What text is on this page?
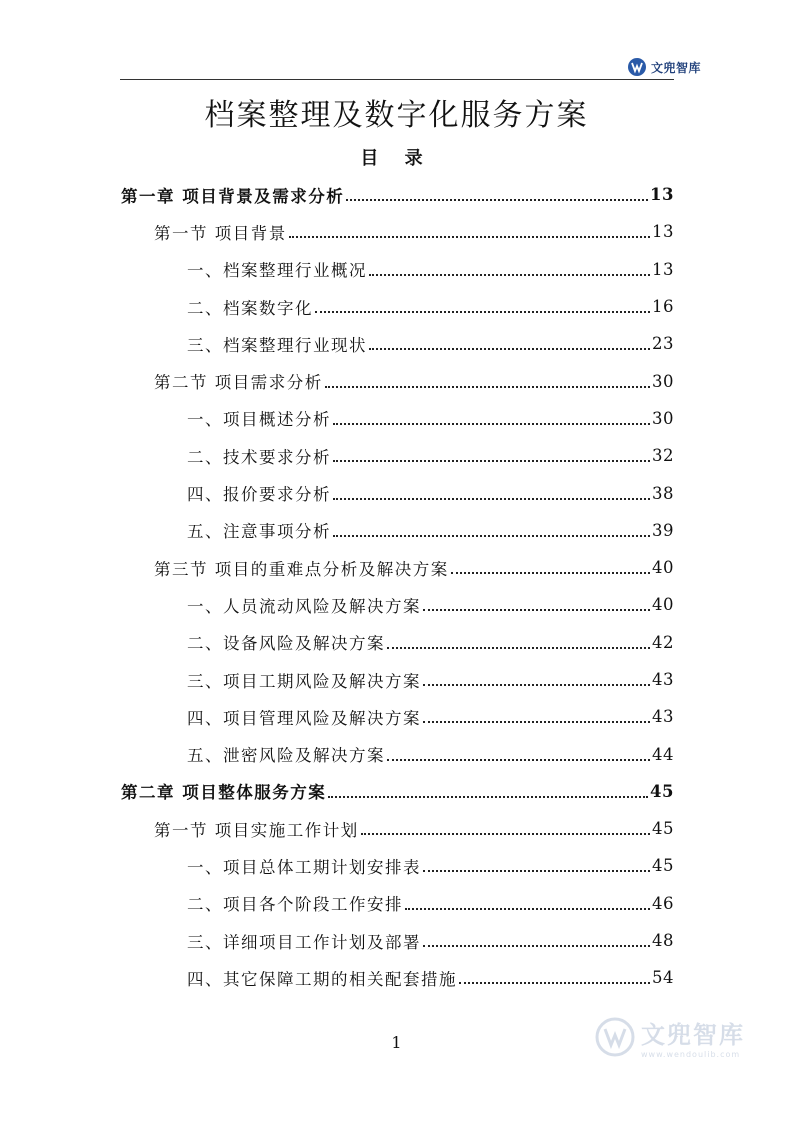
文兜智库
档案整理及数字化服务方案
目 录
第一章 项目背景及需求分析	13
第一节 项目背景	13
一、档案整理行业概况	13
二、档案数字化	16
三、档案整理行业现状	23
第二节 项目需求分析	30
一、项目概述分析	30
二、技术要求分析	32
四、报价要求分析	38
五、注意事项分析	39
第三节 项目的重难点分析及解决方案	40
一、人员流动风险及解决方案	40
二、设备风险及解决方案	42
三、项目工期风险及解决方案	43
四、项目管理风险及解决方案	43
五、泄密风险及解决方案	44
第二章 项目整体服务方案	45
第一节 项目实施工作计划	45
一、项目总体工期计划安排表	45
二、项目各个阶段工作安排	46
三、详细项目工作计划及部署	48
四、其它保障工期的相关配套措施	54
1	文兜智库
www.wendoulib.com
